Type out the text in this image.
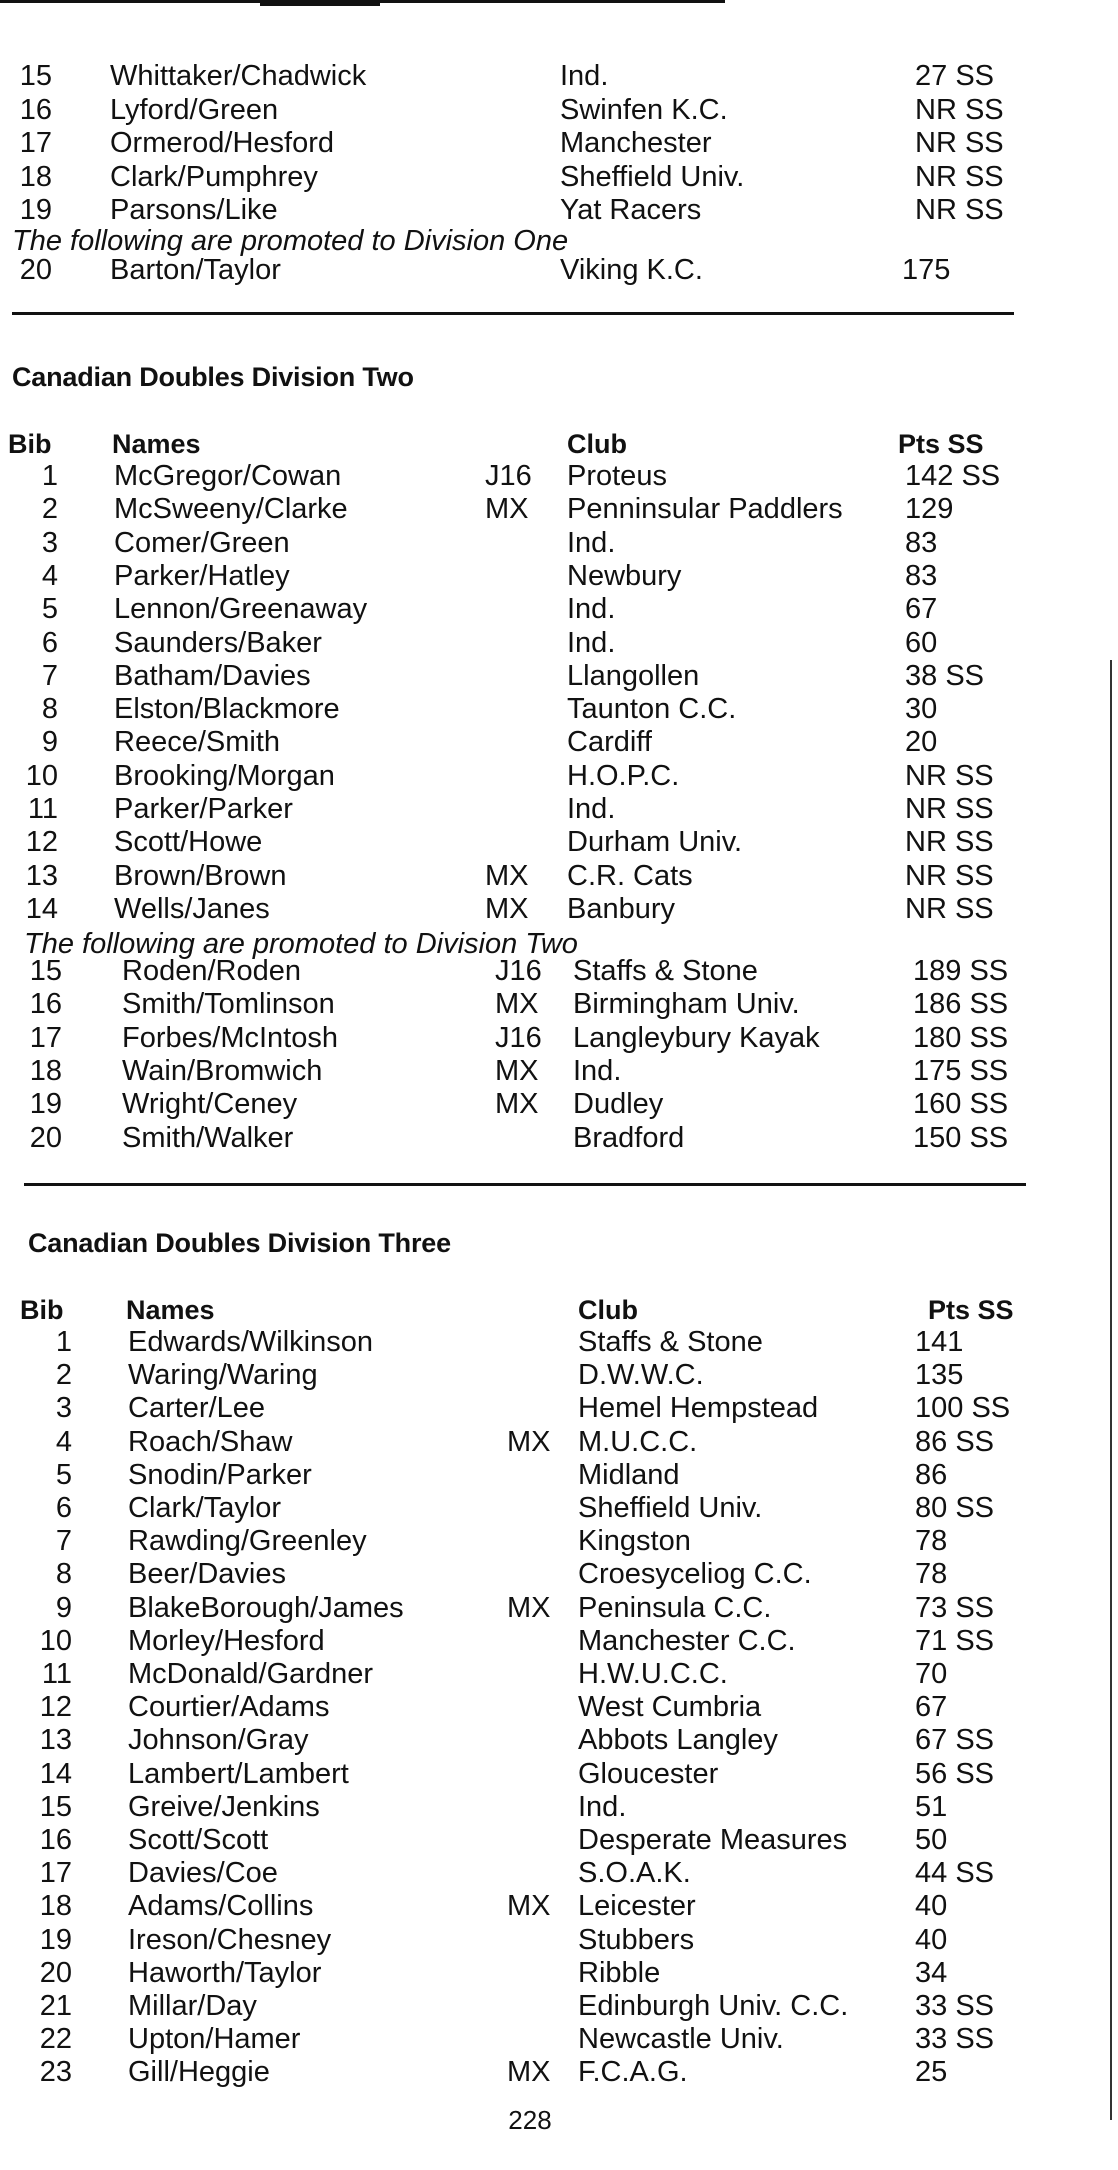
15 Whittaker/Chadwick	Ind.	27 SS
16 Lyford/Green	Swinfen K.C.	NR SS
17 Ormerod/Hesford	Manchester	NR SS
18 Clark/Pumphrey	Sheffield Univ.	NR SS
19 Parsons/Like	Yat Racers	NR SS
20 Barton/Taylor	Viking K.C.	175
The following are promoted to Division One
Canadian Doubles Division Two
Bib Names	Club	Pts SS
1 McGregor/Cowan	J16 Proteus	142 SS
2 McSweeny/Clarke	MX Penninsular Paddlers 129
3 Comer/Green	Ind.	83
4 Parker/Hatley	Newbury	83
5 Lennon/Greenaway	Ind.	67
6 Saunders/Baker	Ind.	60
7 Batham/Davies	Llangollen	38 SS
8 Elston/Blackmore	Taunton C.C.	30
9 Reece/Smith	Cardiff	20
10 Brooking/Morgan	H.O.P.C.	NR SS
11 Parker/Parker	Ind.	NR SS
12 Scott/Howe	Durham Univ.	NR SS
13 Brown/Brown	MX C.R. Cats	NR SS
14 Wells/Janes	MX Banbury	NR SS
The following are promoted to Division Two
15 Roden/Roden	J16 Staffs & Stone	189 SS
16 Smith/Tomlinson	MX Birmingham Univ.	186 SS
17 Forbes/McIntosh	J16 Langleybury Kayak	180 SS
18 Wain/Bromwich	MX Ind.	175 SS
19 Wright/Ceney	MX Dudley	160 SS
20 Smith/Walker	Bradford	150 SS
Canadian Doubles Division Three
Bib Names	Club	Pts SS
1 Edwards/Wilkinson	Staffs & Stone	141
2 Waring/Waring	D.W.W.C.	135
3 Carter/Lee	Hemel Hempstead	100 SS
4 Roach/Shaw	MX M.U.C.C.	86 SS
5 Snodin/Parker	Midland	86
6 Clark/Taylor	Sheffield Univ.	80 SS
7 Rawding/Greenley	Kingston	78
8 Beer/Davies	Croesyceliog C.C.	78
9 BlakeBorough/James	MX Peninsula C.C.	73 SS
10 Morley/Hesford	Manchester C.C.	71 SS
11 McDonald/Gardner	H.W.U.C.C.	70
12 Courtier/Adams	West Cumbria	67
13 Johnson/Gray	Abbots Langley	67 SS
14 Lambert/Lambert	Gloucester	56 SS
15 Greive/Jenkins	Ind.	51
16 Scott/Scott	Desperate Measures 50
17 Davies/Coe	S.O.A.K.	44 SS
18 Adams/Collins	MX Leicester	40
19 Ireson/Chesney	Stubbers	40
20 Haworth/Taylor	Ribble	34
21 Millar/Day	Edinburgh Univ. C.C. 33 SS
22 Upton/Hamer	Newcastle Univ.	33 SS
23 Gill/Heggie	MX F.C.A.G.	25
228
